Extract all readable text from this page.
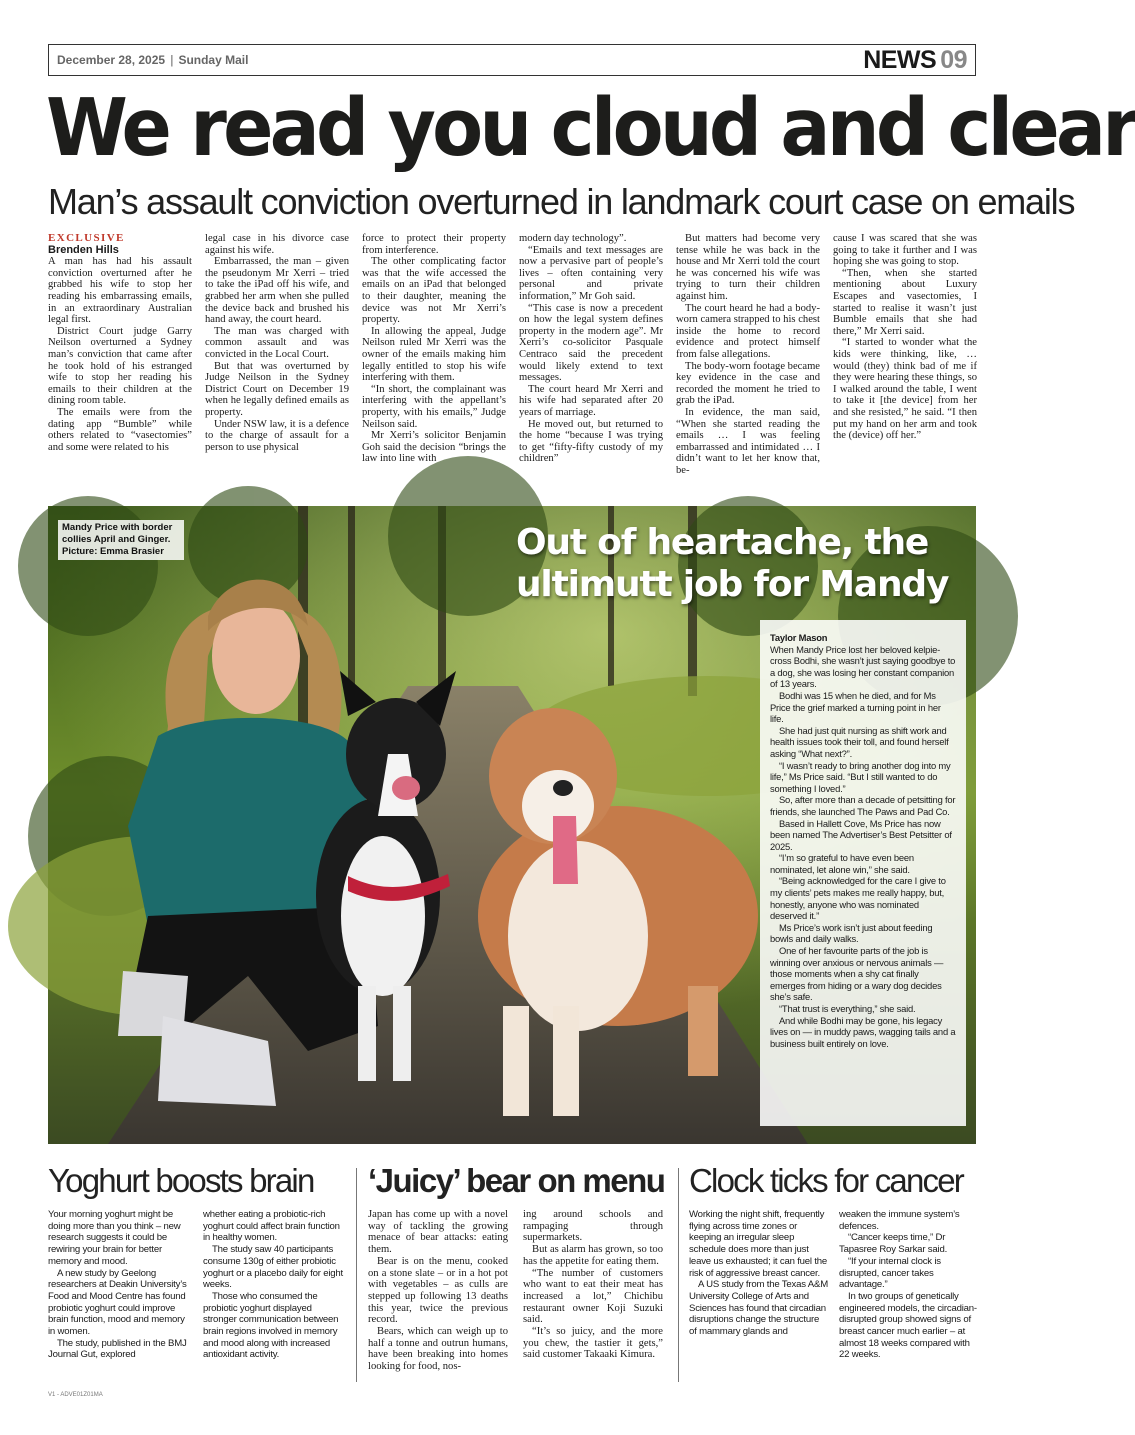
December 28, 2025 | Sunday Mail	NEWS 09
We read you cloud and clear
Man’s assault conviction overturned in landmark court case on emails

EXCLUSIVE

Brenden Hills

A man has had his assault conviction overturned after he grabbed his wife to stop her reading his embarrassing emails, in an extraordinary Australian legal first.

District Court judge Garry Neilson overturned a Sydney man’s conviction that came after he took hold of his estranged wife to stop her reading his emails to their children at the dining room table.

The emails were from the dating app “Bumble” while others related to “vasectomies” and some were related to his

legal case in his divorce case against his wife.

Embarrassed, the man – given the pseudonym Mr Xerri – tried to take the iPad off his wife, and grabbed her arm when she pulled the device back and brushed his hand away, the court heard.

The man was charged with common assault and was convicted in the Local Court.

But that was overturned by Judge Neilson in the Sydney District Court on December 19 when he legally defined emails as property.

Under NSW law, it is a defence to the charge of assault for a person to use physical

force to protect their property from interference.

The other complicating factor was that the wife accessed the emails on an iPad that belonged to their daughter, meaning the device was not Mr Xerri’s property.

In allowing the appeal, Judge Neilson ruled Mr Xerri was the owner of the emails making him legally entitled to stop his wife interfering with them.

“In short, the complainant was interfering with the appellant’s property, with his emails,” Judge Neilson said.

Mr Xerri’s solicitor Benjamin Goh said the decision “brings the law into line with

modern day technology”.

“Emails and text messages are now a pervasive part of people’s lives – often containing very personal and private information,” Mr Goh said.

“This case is now a precedent on how the legal system defines property in the modern age”. Mr Xerri’s co-solicitor Pasquale Centraco said the precedent would likely extend to text messages.

The court heard Mr Xerri and his wife had separated after 20 years of marriage.

He moved out, but returned to the home “because I was trying to get “fifty-fifty custody of my children”

But matters had become very tense while he was back in the house and Mr Xerri told the court he was concerned his wife was trying to turn their children against him.

The court heard he had a body- worn camera strapped to his chest inside the home to record evidence and protect himself from false allegations.

The body-worn footage became key evidence in the case and recorded the moment he tried to grab the iPad.

In evidence, the man said, “When she started reading the emails … I was feeling embarrassed and intimidated … I didn’t want to let her know that, be-

cause I was scared that she was going to take it further and I was hoping she was going to stop.

“Then, when she started mentioning about Luxury Escapes and vasectomies, I started to realise it wasn’t just Bumble emails that she had there,” Mr Xerri said.

“I started to wonder what the kids were thinking, like, … would (they) think bad of me if they were hearing these things, so I walked around the table, I went to take it [the device] from her and she resisted,” he said. “I then put my hand on her arm and took the (device) off her.”

Mandy Price with border collies April and Ginger. Picture: Emma Brasier	Out of heartache, the ultimutt job for Mandy

Taylor Mason

When Mandy Price lost her beloved kelpie-cross Bodhi, she wasn’t just saying goodbye to a dog, she was losing her constant companion of 13 years.

Bodhi was 15 when he died, and for Ms Price the grief marked a turning point in her life.

She had just quit nursing as shift work and health issues took their toll, and found herself asking “What next?”.

“I wasn’t ready to bring another dog into my life,” Ms Price said. “But I still wanted to do something I loved.”

So, after more than a decade of petsitting for friends, she launched The Paws and Pad Co.

Based in Hallett Cove, Ms Price has now been named The Advertiser’s Best Petsitter of 2025.

“I’m so grateful to have even been nominated, let alone win,” she said.

“Being acknowledged for the care I give to my clients’ pets makes me really happy, but, honestly, anyone who was nominated deserved it.”

Ms Price’s work isn’t just about feeding bowls and daily walks.

One of her favourite parts of the job is winning over anxious or nervous animals — those moments when a shy cat finally emerges from hiding or a wary dog decides she’s safe.

“That trust is everything,” she said.

And while Bodhi may be gone, his legacy lives on — in muddy paws, wagging tails and a business built entirely on love.

Yoghurt boosts brain

Your morning yoghurt might be doing more than you think – new research suggests it could be rewiring your brain for better memory and mood.

A new study by Geelong researchers at Deakin University’s Food and Mood Centre has found probiotic yoghurt could improve brain function, mood and memory in women.

The study, published in the BMJ Journal Gut, explored

whether eating a probiotic-rich yoghurt could affect brain function in healthy women.

The study saw 40 participants consume 130g of either probiotic yoghurt or a placebo daily for eight weeks.

Those who consumed the probiotic yoghurt displayed stronger communication between brain regions involved in memory and mood along with increased antioxidant activity.

‘Juicy’ bear on menu

Japan has come up with a novel way of tackling the growing menace of bear attacks: eating them.

Bear is on the menu, cooked on a stone slate – or in a hot pot with vegetables – as culls are stepped up following 13 deaths this year, twice the previous record.

Bears, which can weigh up to half a tonne and outrun humans, have been breaking into homes looking for food, nos-

ing around schools and rampaging through supermarkets.

But as alarm has grown, so too has the appetite for eating them.

“The number of customers who want to eat their meat has increased a lot,” Chichibu restaurant owner Koji Suzuki said.

“It’s so juicy, and the more you chew, the tastier it gets,” said customer Takaaki Kimura.

Clock ticks for cancer

Working the night shift, frequently flying across time zones or keeping an irregular sleep schedule does more than just leave us exhausted; it can fuel the risk of aggressive breast cancer.

A US study from the Texas A&M University College of Arts and Sciences has found that circadian disruptions change the structure of mammary glands and

weaken the immune system’s defences.

“Cancer keeps time,” Dr Tapasree Roy Sarkar said.

“If your internal clock is disrupted, cancer takes advantage.”

In two groups of genetically engineered models, the circadian-disrupted group showed signs of breast cancer much earlier – at almost 18 weeks compared with 22 weeks.

V1 - ADVE01Z01MA
